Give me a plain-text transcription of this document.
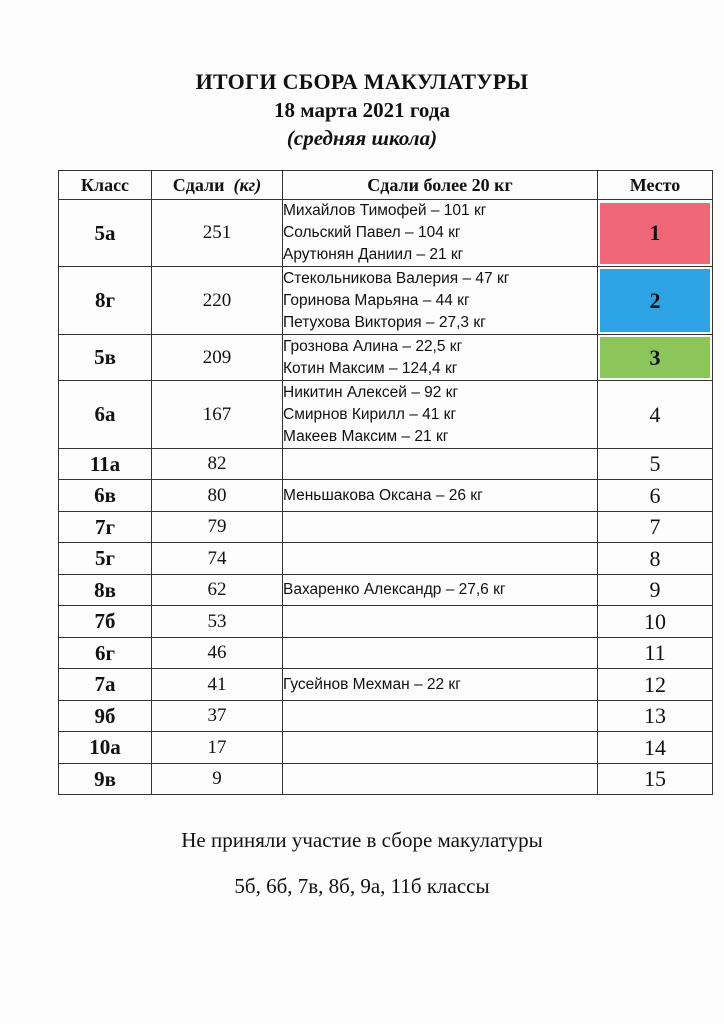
ИТОГИ СБОРА МАКУЛАТУРЫ
18 марта 2021 года
(средняя школа)
Класс	Сдали (кг)	Сдали более 20 кг	Место
5а	251	Михайлов Тимофей – 101 кг
Сольский Павел – 104 кг
Арутюнян Даниил – 21 кг	1

8г	220	Стекольникова Валерия – 47 кг
Горинова Марьяна – 44 кг
Петухова Виктория – 27,3 кг	2

5в	209	Грознова Алина – 22,5 кг
Котин Максим – 124,4 кг	3

6а	167	Никитин Алексей – 92 кг
Смирнов Кирилл – 41 кг
Макеев Максим – 21 кг	4

11а	82		5

6в	80	Меньшакова Оксана – 26 кг	6

7г	79		7

5г	74		8

8в	62	Вахаренко Александр – 27,6 кг	9

7б	53		10

6г	46		11

7а	41	Гусейнов Мехман – 22 кг	12

9б	37		13

10а	17		14

9в	9		15
Не приняли участие в сборе макулатуры
5б, 6б, 7в, 8б, 9а, 11б классы
